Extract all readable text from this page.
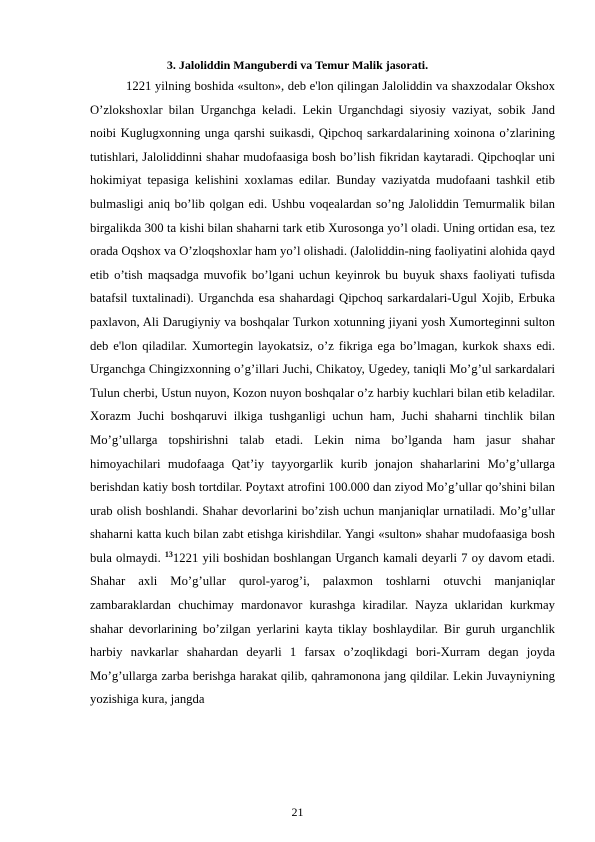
3. Jaloliddin Manguberdi va Temur Malik jasorati.

1221 yilning boshida «sulton», deb e'lon qilingan Jaloliddin va shaxzodalar Okshox O’zlokshoxlar bilan Urganchga keladi. Lekin Urganchdagi siyosiy vaziyat, sobik Jand noibi Kuglugxonning unga qarshi suikasdi, Qipchoq sarkardalarining xoinona o’zlarining tutishlari, Jaloliddinni shahar mudofaasiga bosh bo’lish fikridan kaytaradi. Qipchoqlar uni hokimiyat tepasiga kelishini xoxlamas edilar. Bunday vaziyatda mudofaani tashkil etib bulmasligi aniq bo’lib qolgan edi. Ushbu voqealardan so’ng Jaloliddin Temurmalik bilan birgalikda 300 ta kishi bilan shaharni tark etib Xurosonga yo’l oladi. Uning ortidan esa, tez orada Oqshox va O’zloqshoxlar ham yo’l olishadi. (Jaloliddin-ning faoliyatini alohida qayd etib o’tish maqsadga muvofik bo’lgani uchun keyinrok bu buyuk shaxs faoliyati tufisda batafsil tuxtalinadi). Urganchda esa shahardagi Qipchoq sarkardalari-Ugul Xojib, Erbuka paxlavon, Ali Darugiyniy va boshqalar Turkon xotunning jiyani yosh Xumorteginni sulton deb e'lon qiladilar. Xumortegin layokatsiz, o’z fikriga ega bo’lmagan, kurkok shaxs edi. Urganchga Chingizxonning o’g’illari Juchi, Chikatoy, Ugedey, taniqli Mo’g’ul sarkardalari Tulun cherbi, Ustun nuyon, Kozon nuyon boshqalar o’z harbiy kuchlari bilan etib keladilar. Xorazm Juchi boshqaruvi ilkiga tushganligi uchun ham, Juchi shaharni tinchlik bilan Mo’g’ullarga topshirishni talab etadi. Lekin nima bo’lganda ham jasur shahar himoyachilari mudofaaga Qat’iy tayyorgarlik kurib jonajon shaharlarini Mo’g’ullarga berishdan katiy bosh tortdilar. Poytaxt atrofini 100.000 dan ziyod Mo’g’ullar qo’shini bilan urab olish boshlandi. Shahar devorlarini bo’zish uchun manjaniqlar urnatiladi. Mo’g’ullar shaharni katta kuch bilan zabt etishga kirishdilar. Yangi «sulton» shahar mudofaasiga bosh bula olmaydi. $^{13}$1221 yili boshidan boshlangan Urganch kamali deyarli 7 oy davom etadi. Shahar axli Mo’g’ullar qurol-yarog’i, palaxmon toshlarni otuvchi manjaniqlar zambaraklardan chuchimay mardonavor kurashga kiradilar. Nayza uklaridan kurkmay shahar devorlarining bo’zilgan yerlarini kayta tiklay boshlaydilar. Bir guruh urganchlik harbiy navkarlar shahardan deyarli 1 farsax o’zoqlikdagi bori-Xurram degan joyda Mo’g’ullarga zarba berishga harakat qilib, qahramonona jang qildilar. Lekin Juvayniyning yozishiga kura, jangda

21
